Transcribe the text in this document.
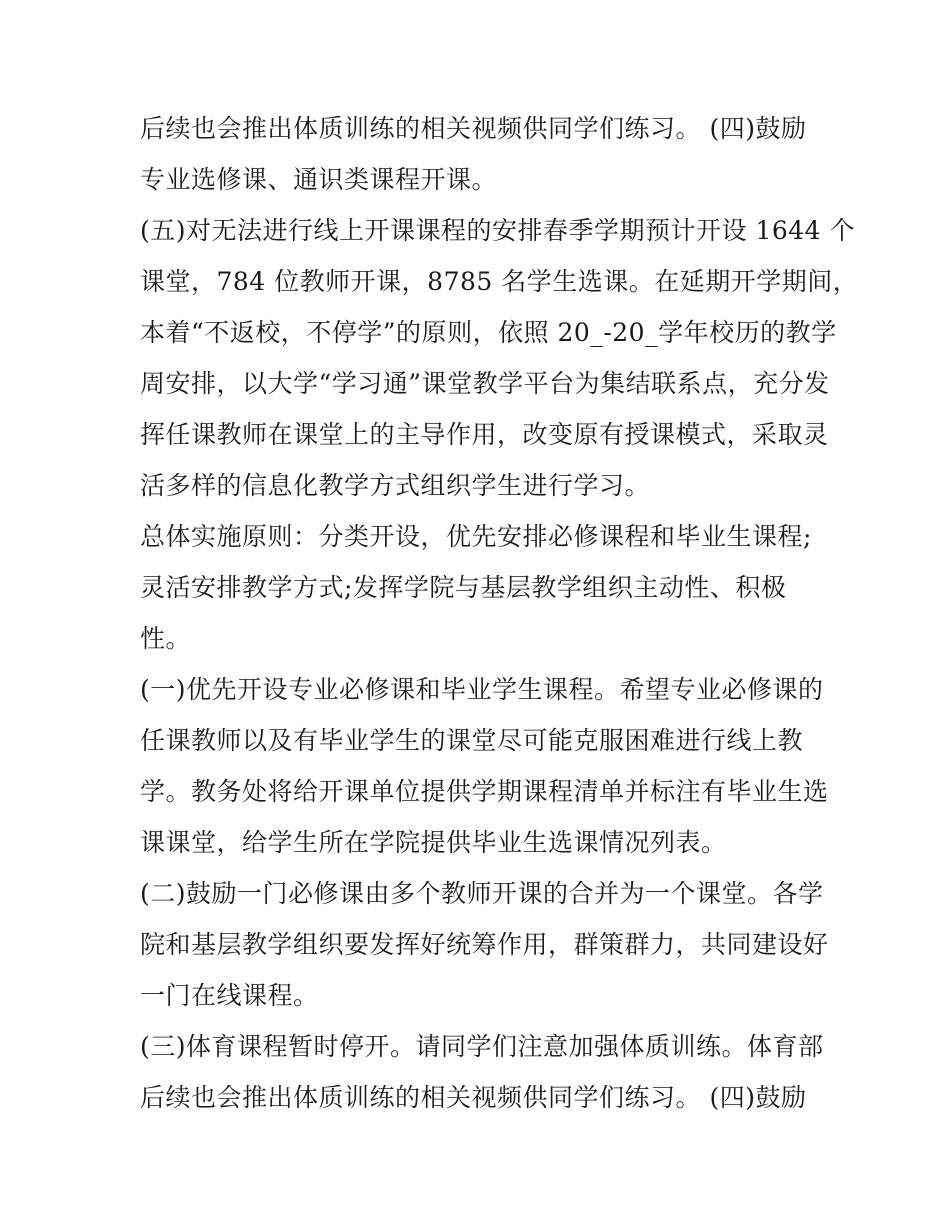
后续也会推出体质训练的相关视频供同学们练习。 (四)鼓励
专业选修课、通识类课程开课。
(五)对无法进行线上开课课程的安排春季学期预计开设 1644 个
课堂，784 位教师开课，8785 名学生选课。在延期开学期间，
本着“不返校，不停学”的原则，依照 20_-20_学年校历的教学
周安排，以大学“学习通”课堂教学平台为集结联系点，充分发
挥任课教师在课堂上的主导作用，改变原有授课模式，采取灵
活多样的信息化教学方式组织学生进行学习。
总体实施原则：分类开设，优先安排必修课程和毕业生课程;
灵活安排教学方式;发挥学院与基层教学组织主动性、积极
性。
(一)优先开设专业必修课和毕业学生课程。希望专业必修课的
任课教师以及有毕业学生的课堂尽可能克服困难进行线上教
学。教务处将给开课单位提供学期课程清单并标注有毕业生选
课课堂，给学生所在学院提供毕业生选课情况列表。
(二)鼓励一门必修课由多个教师开课的合并为一个课堂。各学
院和基层教学组织要发挥好统筹作用，群策群力，共同建设好
一门在线课程。
(三)体育课程暂时停开。请同学们注意加强体质训练。体育部
后续也会推出体质训练的相关视频供同学们练习。 (四)鼓励
